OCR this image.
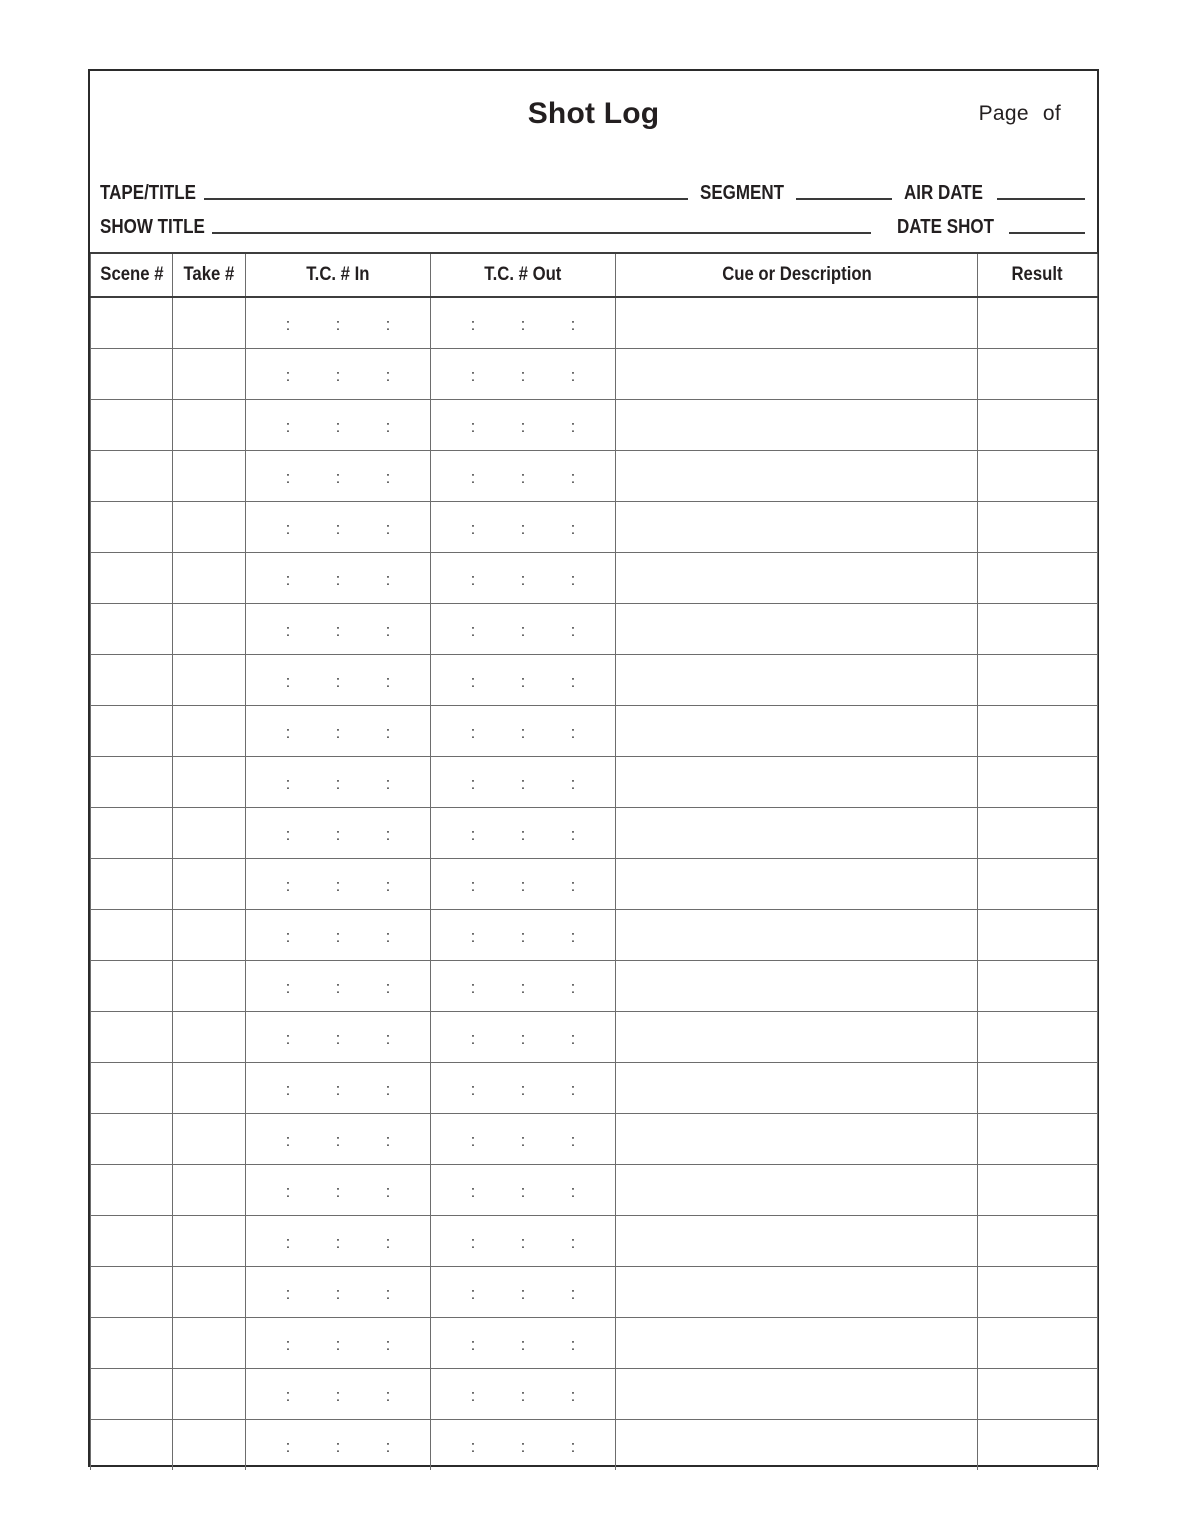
Shot Log	Page of
TAPE/TITLE	SEGMENT	AIR DATE
SHOW TITLE	DATE SHOT
Scene #	Take #	T.C. # In	T.C. # Out	Cue or Description	Result

		: : :	: : :		

		: : :	: : :		

		: : :	: : :		

		: : :	: : :		

		: : :	: : :		

		: : :	: : :		

		: : :	: : :		

		: : :	: : :		

		: : :	: : :		

		: : :	: : :		

		: : :	: : :		

		: : :	: : :		

		: : :	: : :		

		: : :	: : :		

		: : :	: : :		

		: : :	: : :		

		: : :	: : :		

		: : :	: : :		

		: : :	: : :		

		: : :	: : :		

		: : :	: : :		

		: : :	: : :		

		: : :	: : :		
